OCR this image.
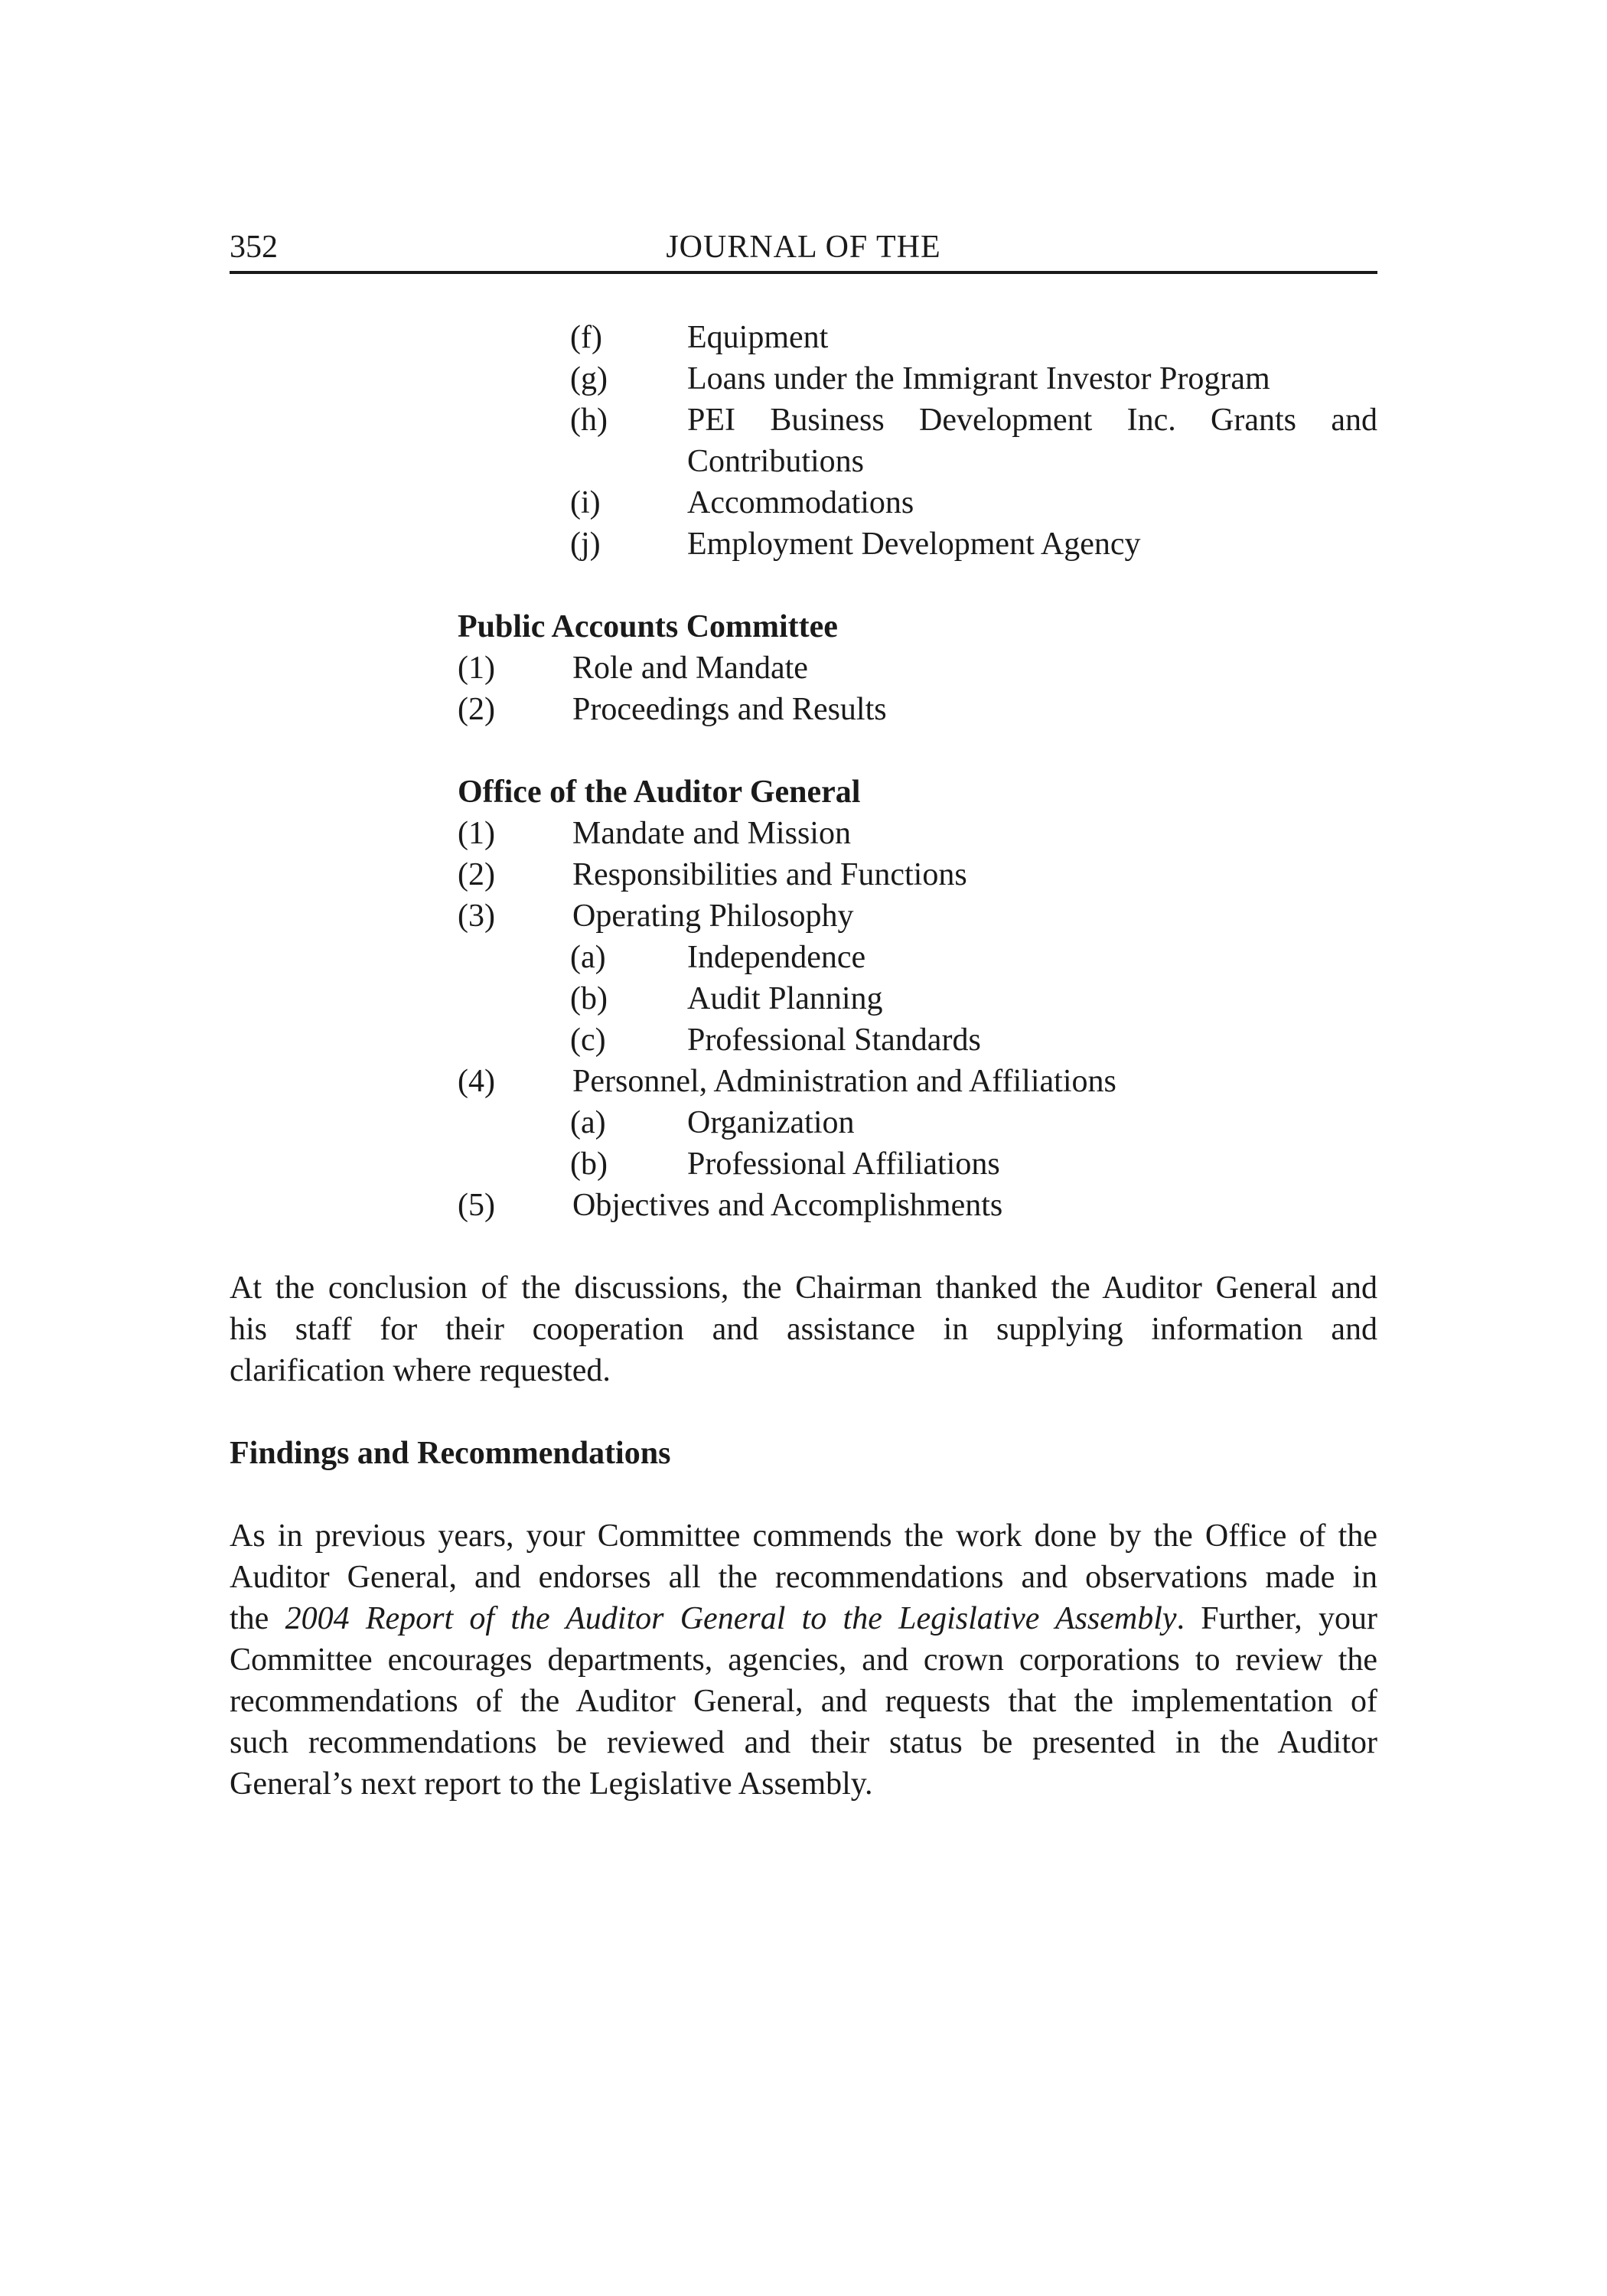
352	JOURNAL OF THE
(f)	Equipment
(g) Loans under the Immigrant Investor Program
(h) PEI Business Development Inc. Grants and
Contributions
(i)	Accommodations
(j)	Employment Development Agency
Public Accounts Committee
(1) Role and Mandate
(2) Proceedings and Results
Office of the Auditor General
(1) Mandate and Mission
(2) Responsibilities and Functions
(3) Operating Philosophy
(a)	Independence
(b) Audit Planning
(c)	Professional Standards
(4) Personnel, Administration and Affiliations
(a)	Organization
(b) Professional Affiliations
(5) Objectives and Accomplishments
At the conclusion of the discussions, the Chairman thanked the Auditor General and
his staff for their cooperation and assistance in supplying information and
clarification where requested.
Findings and Recommendations
As in previous years, your Committee commends the work done by the Office of the
Auditor General, and endorses all the recommendations and observations made in
the 2004 Report of the Auditor General to the Legislative Assembly. Further, your
Committee encourages departments, agencies, and crown corporations to review the
recommendations of the Auditor General, and requests that the implementation of
such recommendations be reviewed and their status be presented in the Auditor
General’s next report to the Legislative Assembly.
